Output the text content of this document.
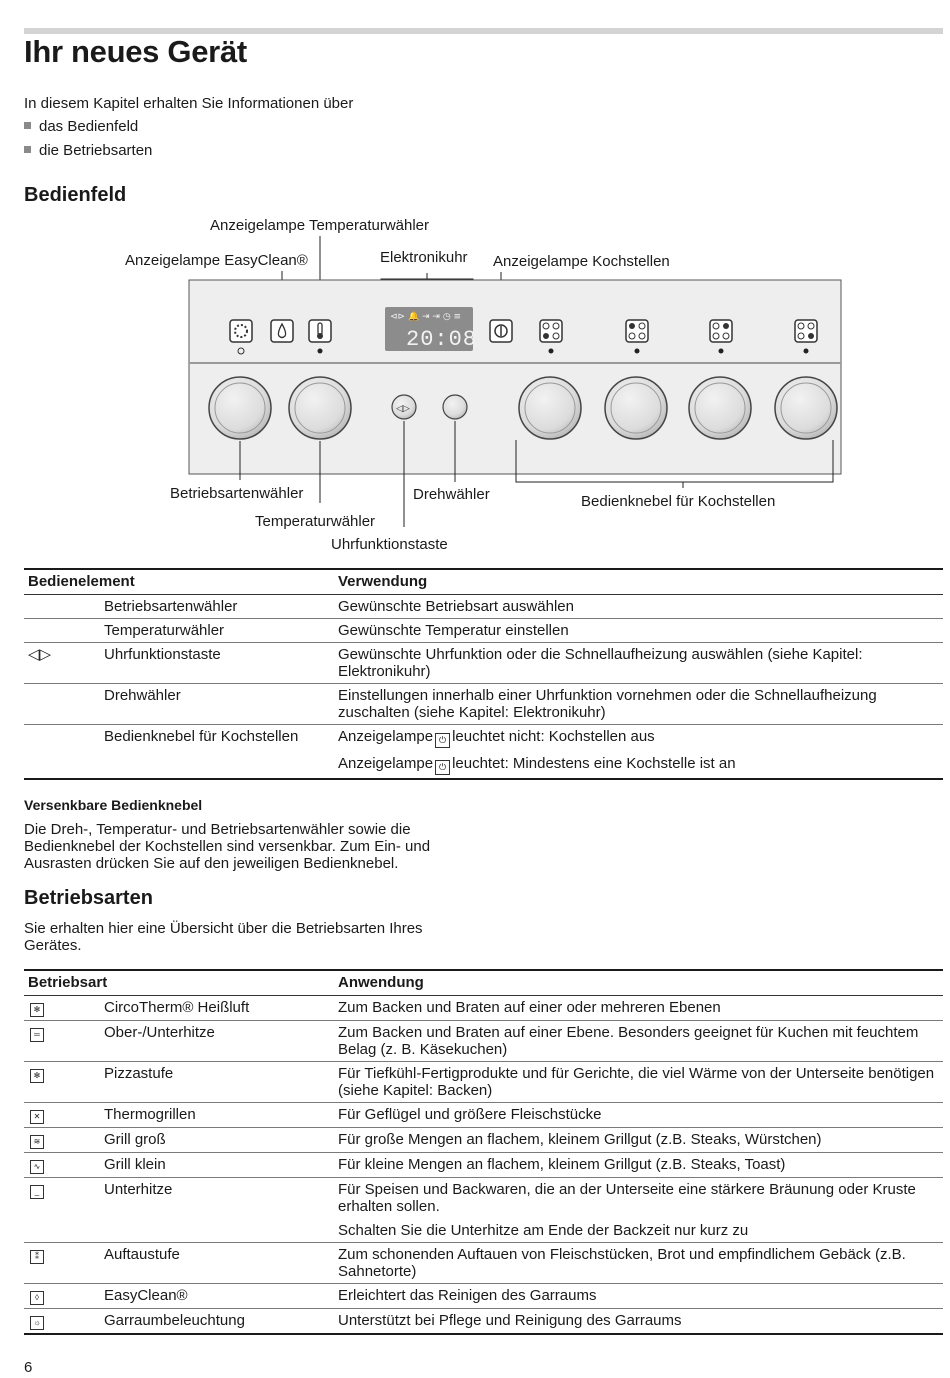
Ihr neues Gerät
In diesem Kapitel erhalten Sie Informationen über
das Bedienfeld
die Betriebsarten
Bedienfeld
Anzeigelampe Temperaturwähler
Anzeigelampe EasyClean®	Elektronikuhr Anzeigelampe Kochstellen
⊲⊳ 🔔 ⇥ ⇥ ◷ ≡
20:08
◁▷
Betriebsartenwähler
Temperaturwähler
Uhrfunktionstaste
Drehwähler	Bedienknebel für Kochstellen
Bedienelement		Verwendung
	Betriebsartenwähler	Gewünschte Betriebsart auswählen
	Temperaturwähler	Gewünschte Temperatur einstellen
◁▷	Uhrfunktionstaste	Gewünschte Uhrfunktion oder die Schnellaufheizung auswählen (siehe Kapitel: Elektronikuhr)
	Drehwähler	Einstellungen innerhalb einer Uhrfunktion vornehmen oder die Schnellaufheizung zuschalten (siehe Kapitel: Elektronikuhr)
	Bedienknebel für Kochstellen	Anzeigelampe ⏻ leuchtet nicht: Kochstellen aus
Anzeigelampe ⏻ leuchtet: Mindestens eine Kochstelle ist an
Versenkbare Bedienknebel
Die Dreh-, Temperatur- und Betriebsartenwähler sowie die Bedienknebel der Kochstellen sind versenkbar. Zum Ein- und Ausrasten drücken Sie auf den jeweiligen Bedienknebel.
Betriebsarten
Sie erhalten hier eine Übersicht über die Betriebsarten Ihres Gerätes.
Betriebsart		Anwendung
✻	CircoTherm® Heißluft	Zum Backen und Braten auf einer oder mehreren Ebenen
═	Ober-/Unterhitze	Zum Backen und Braten auf einer Ebene. Besonders geeignet für Kuchen mit feuchtem Belag (z. B. Käsekuchen)
✻	Pizzastufe	Für Tiefkühl-Fertigprodukte und für Gerichte, die viel Wärme von der Unterseite benötigen (siehe Kapitel: Backen)
✕	Thermogrillen	Für Geflügel und größere Fleischstücke
≋	Grill groß	Für große Mengen an flachem, kleinem Grillgut (z.B. Steaks, Würstchen)
∿	Grill klein	Für kleine Mengen an flachem, kleinem Grillgut (z.B. Steaks, Toast)
_	Unterhitze	Für Speisen und Backwaren, die an der Unterseite eine stärkere Bräunung oder Kruste erhalten sollen.
Schalten Sie die Unterhitze am Ende der Backzeit nur kurz zu

⁑	Auftaustufe	Zum schonenden Auftauen von Fleischstücken, Brot und empfindlichem Gebäck (z.B. Sahnetorte)
◊	EasyClean®	Erleichtert das Reinigen des Garraums
☼	Garraumbeleuchtung	Unterstützt bei Pflege und Reinigung des Garraums
6
